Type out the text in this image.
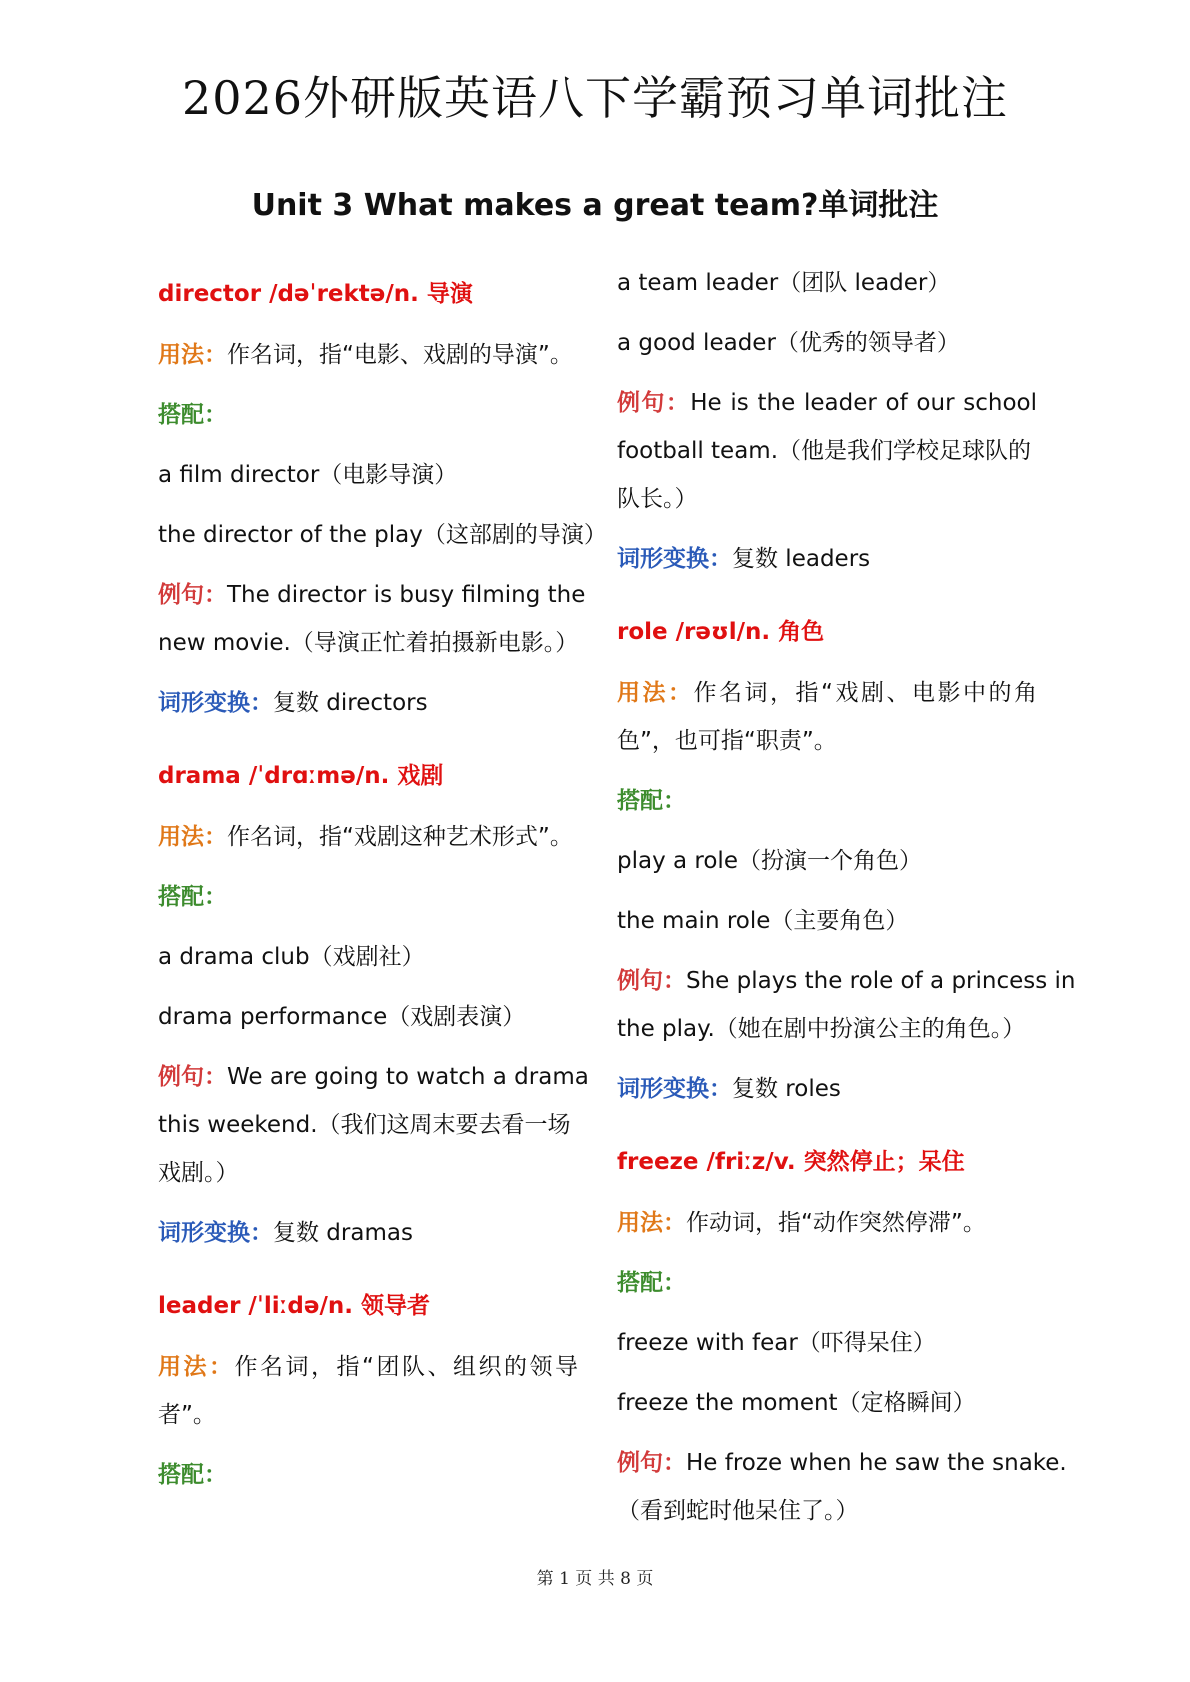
2026外研版英语八下学霸预习单词批注
Unit 3 What makes a great team?单词批注
director /dəˈrektə/n. 导演
用法：作名词，指“电影、戏剧的导演”。
搭配：
a film director（电影导演）
the director of the play（这部剧的导演）
例句：The director is busy filming the
new movie.（导演正忙着拍摄新电影。）
词形变换：复数 directors
drama /ˈdrɑːmə/n. 戏剧
用法：作名词，指“戏剧这种艺术形式”。
搭配：
a drama club（戏剧社）
drama performance（戏剧表演）
例句：We are going to watch a drama
this weekend.（我们这周末要去看一场
戏剧。）
词形变换：复数 dramas
leader /ˈliːdə/n. 领导者
用法：作名词，指“团队、组织的领导
者”。
搭配：
a team leader（团队 leader）
a good leader（优秀的领导者）
例句：He is the leader of our school
football team.（他是我们学校足球队的
队长。）
词形变换：复数 leaders
role /rəʊl/n. 角色
用法：作名词，指“戏剧、电影中的角
色”，也可指“职责”。
搭配：
play a role（扮演一个角色）
the main role（主要角色）
例句：She plays the role of a princess in
the play.（她在剧中扮演公主的角色。）
词形变换：复数 roles
freeze /friːz/v. 突然停止；呆住
用法：作动词，指“动作突然停滞”。
搭配：
freeze with fear（吓得呆住）
freeze the moment（定格瞬间）
例句：He froze when he saw the snake.
（看到蛇时他呆住了。）
第 1 页 共 8 页
